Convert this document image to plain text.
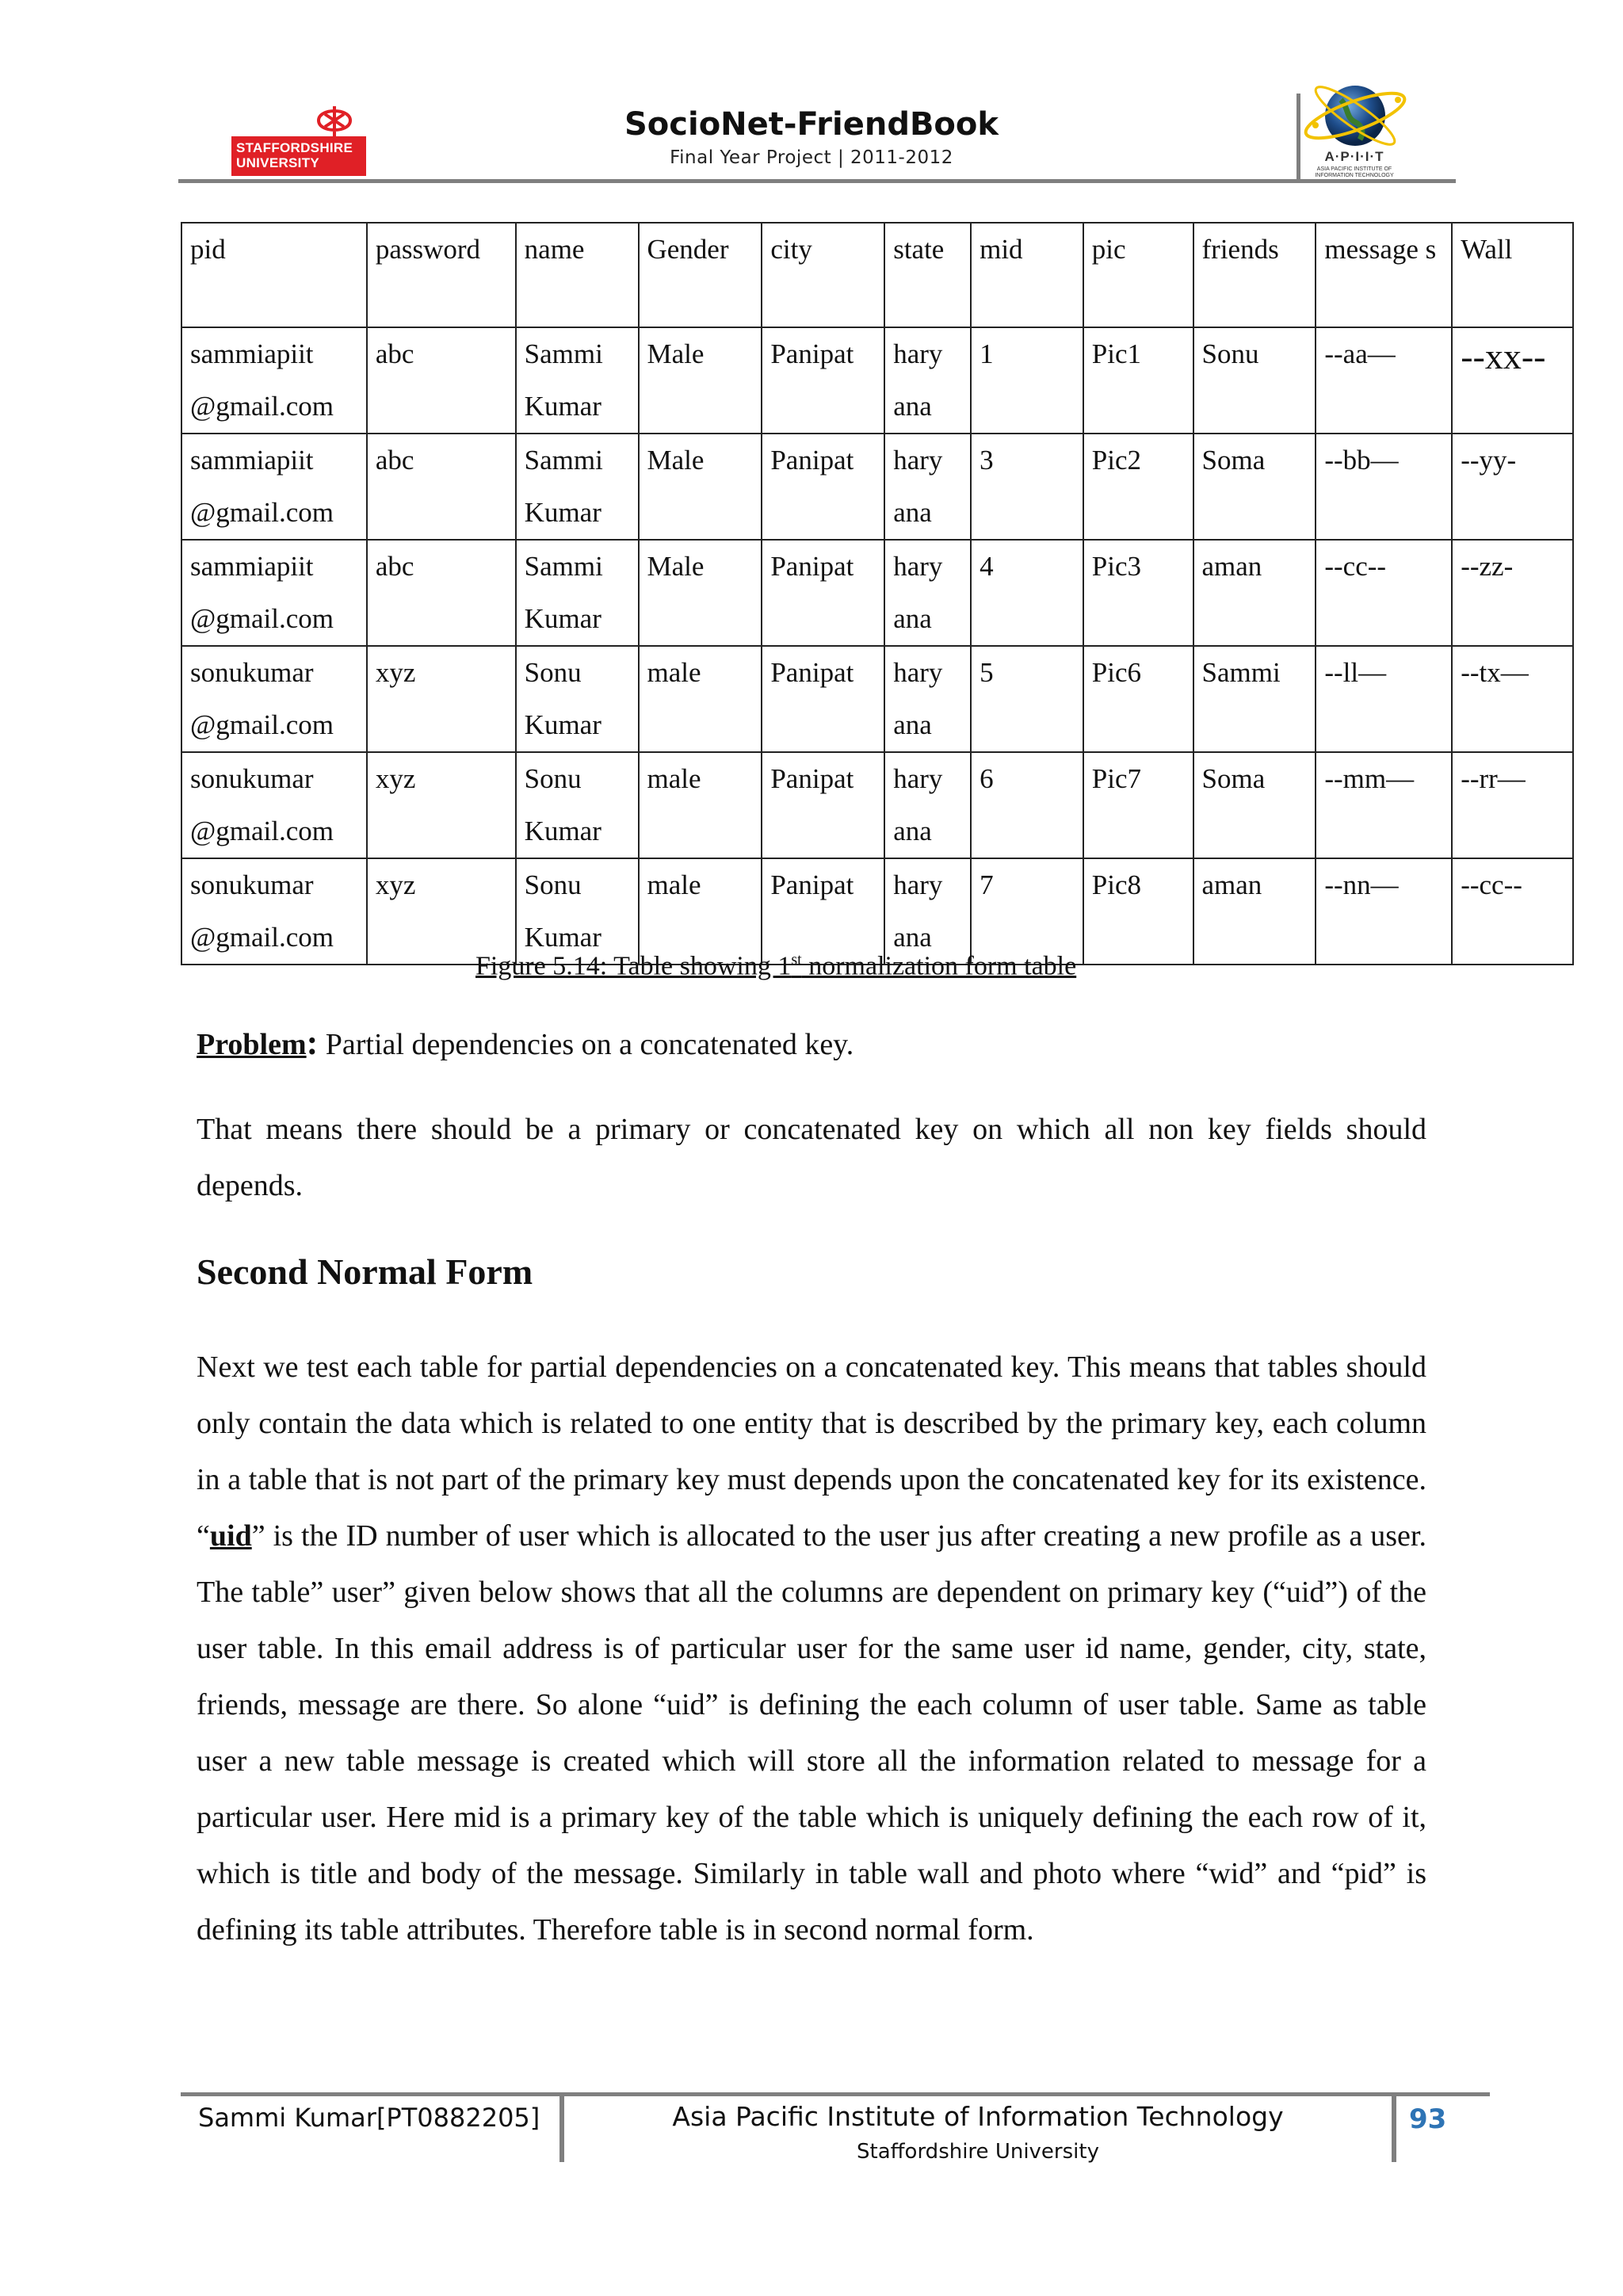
STAFFORDSHIRE UNIVERSITY
SocioNet-FriendBook
Final Year Project | 2011-2012	A·P·I·I·T
ASIA PACIFIC INSTITUTE OF INFORMATION TECHNOLOGY
pid	password	name	Gender	city	state	mid	pic	friends	message s	Wall
sammiapiit @gmail.com	abc	Sammi Kumar	Male	Panipat	hary ana	1	Pic1	Sonu	--aa—	--xx--
sammiapiit @gmail.com	abc	Sammi Kumar	Male	Panipat	hary ana	3	Pic2	Soma	--bb—	--yy-
sammiapiit @gmail.com	abc	Sammi Kumar	Male	Panipat	hary ana	4	Pic3	aman	--cc--	--zz-
sonukumar @gmail.com	xyz	Sonu Kumar	male	Panipat	hary ana	5	Pic6	Sammi	--ll—	--tx—
sonukumar @gmail.com	xyz	Sonu Kumar	male	Panipat	hary ana	6	Pic7	Soma	--mm—	--rr—
sonukumar @gmail.com	xyz	Sonu Kumar	male	Panipat	hary ana	7	Pic8	aman	--nn—	--cc--
Figure 5.14: Table showing 1st normalization form table
Problem: Partial dependencies on a concatenated key.
That means there should be a primary or concatenated key on which all non key fields should depends.
Second Normal Form
Next we test each table for partial dependencies on a concatenated key. This means that tables should only contain the data which is related to one entity that is described by the primary key, each column in a table that is not part of the primary key must depends upon the concatenated key for its existence. “uid” is the ID number of user which is allocated to the user jus after creating a new profile as a user. The table” user” given below shows that all the columns are dependent on primary key (“uid”) of the user table. In this email address is of particular user for the same user id name, gender, city, state, friends, message are there. So alone “uid” is defining the each column of user table. Same as table user a new table message is created which will store all the information related to message for a particular user. Here mid is a primary key of the table which is uniquely defining the each row of it, which is title and body of the message. Similarly in table wall and photo where “wid” and “pid” is defining its table attributes. Therefore table is in second normal form.
Sammi Kumar[PT0882205]	Asia Pacific Institute of Information Technology
Staffordshire University
93
